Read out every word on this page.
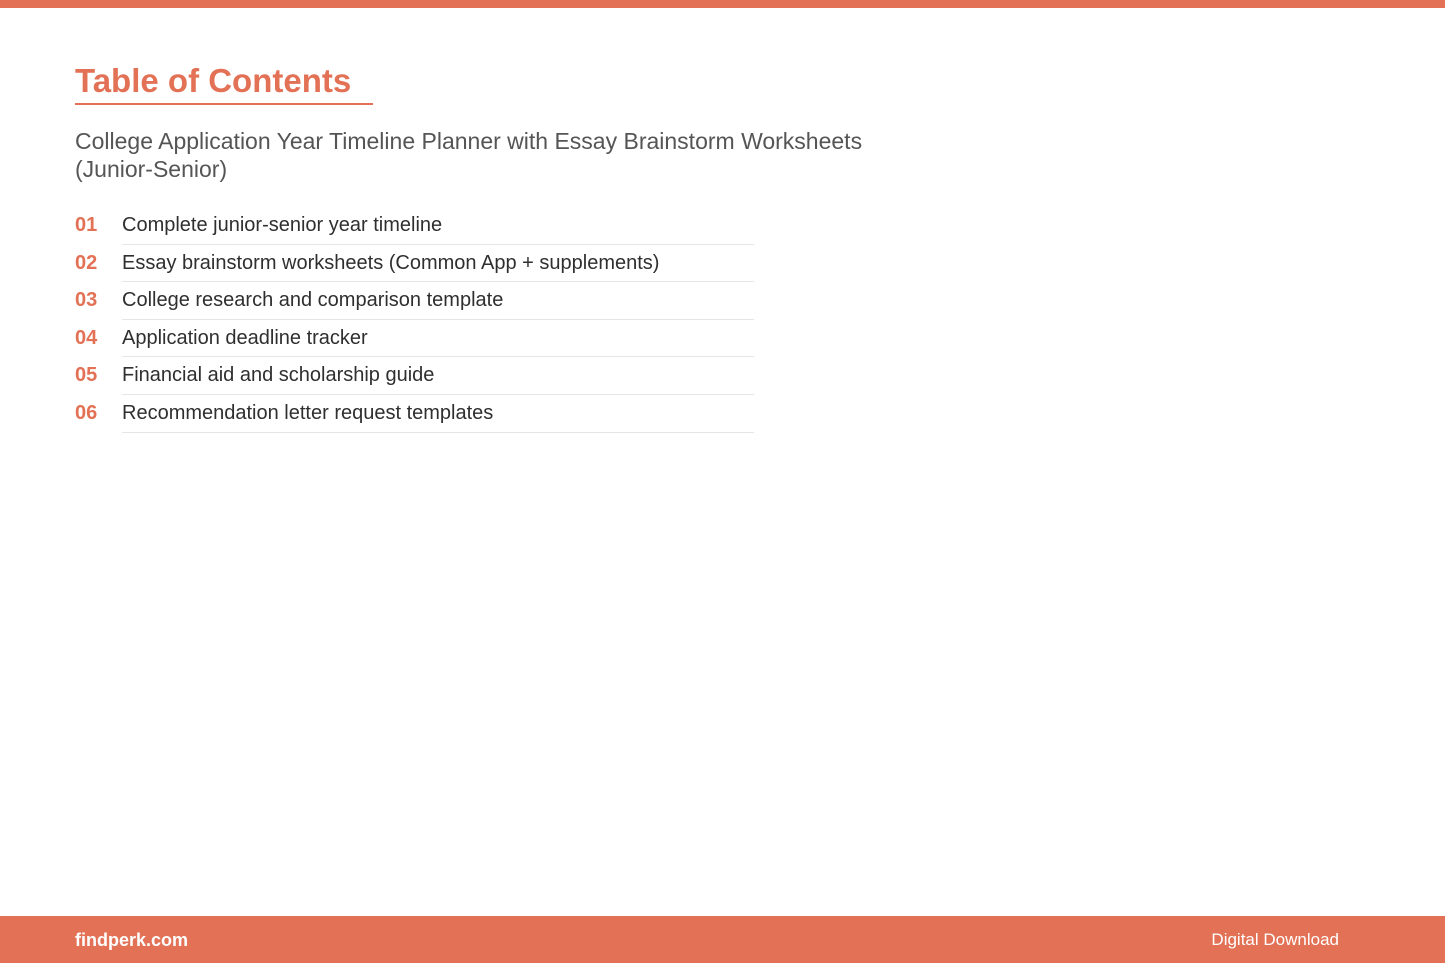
Table of Contents

College Application Year Timeline Planner with Essay Brainstorm Worksheets (Junior-Senior)

01	Complete junior-senior year timeline
02	Essay brainstorm worksheets (Common App + supplements)
03	College research and comparison template
04	Application deadline tracker
05	Financial aid and scholarship guide
06	Recommendation letter request templates
findperk.com	Digital Download
